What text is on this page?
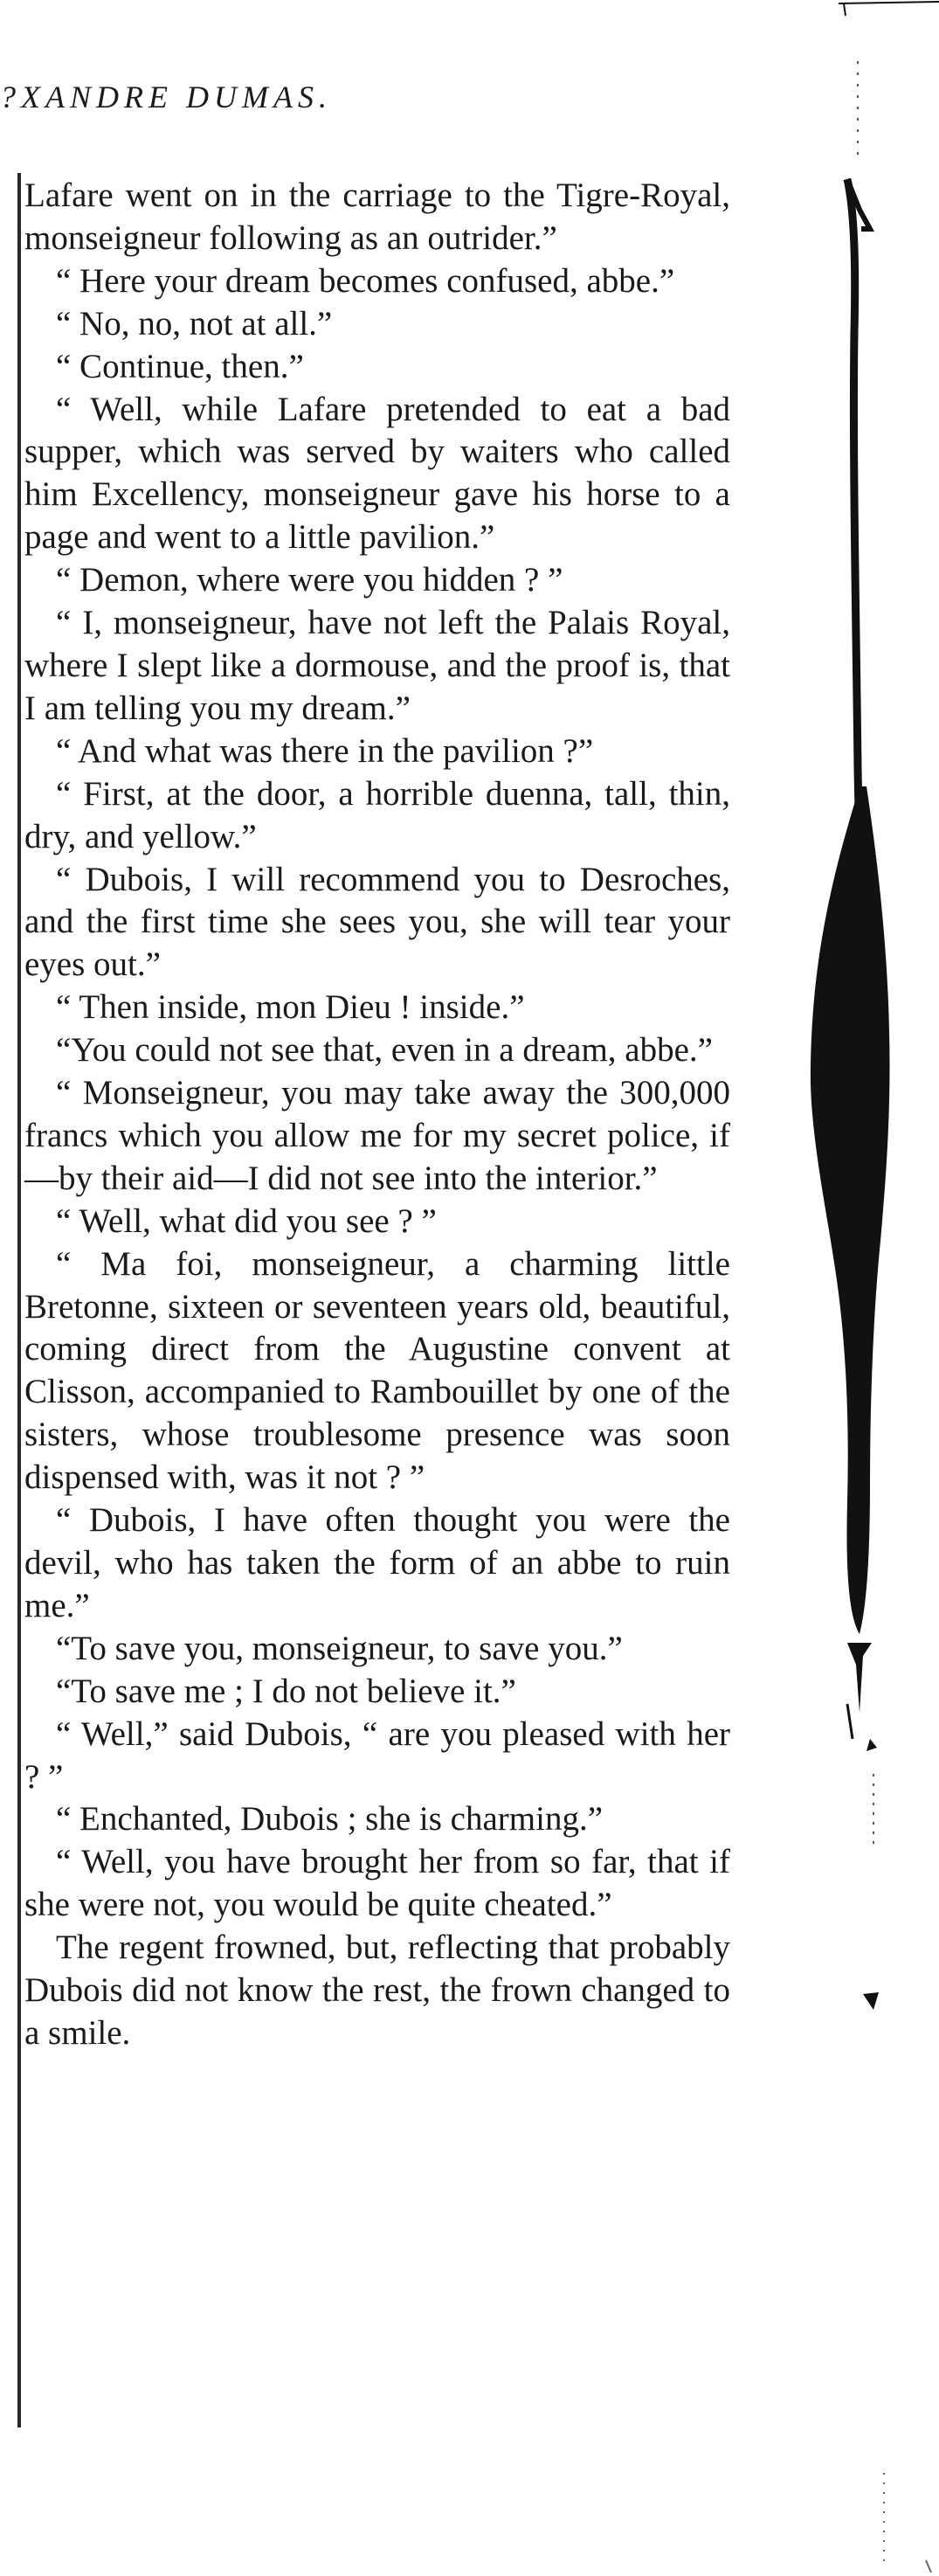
?XANDRE DUMAS.

Lafare went on in the carriage to the Tigre-Royal, monseigneur following as an outrider.”

“ Here your dream becomes confused, abbe.”

“ No, no, not at all.”

“ Continue, then.”

“ Well, while Lafare pretended to eat a bad supper, which was served by waiters who called him Excellency, monseigneur gave his horse to a page and went to a little pavilion.”

“ Demon, where were you hidden ? ”

“ I, monseigneur, have not left the Palais Royal, where I slept like a dormouse, and the proof is, that I am telling you my dream.”

“ And what was there in the pavilion ?”

“ First, at the door, a horrible duenna, tall, thin, dry, and yellow.”

“ Dubois, I will recommend you to Desroches, and the first time she sees you, she will tear your eyes out.”

“ Then inside, mon Dieu ! inside.”

“You could not see that, even in a dream, abbe.”

“ Monseigneur, you may take away the 300,000 francs which you allow me for my secret police, if—by their aid—I did not see into the interior.”

“ Well, what did you see ? ”

“ Ma foi, monseigneur, a charming little Bretonne, sixteen or seventeen years old, beautiful, coming direct from the Augustine convent at Clisson, accompanied to Rambouillet by one of the sisters, whose troublesome presence was soon dispensed with, was it not ? ”

“ Dubois, I have often thought you were the devil, who has taken the form of an abbe to ruin me.”

“To save you, monseigneur, to save you.”

“To save me ; I do not believe it.”

“ Well,” said Dubois, “ are you pleased with her ? ”

“ Enchanted, Dubois ; she is charming.”

“ Well, you have brought her from so far, that if she were not, you would be quite cheated.”

The regent frowned, but, reflecting that probably Dubois did not know the rest, the frown changed to a smile.
